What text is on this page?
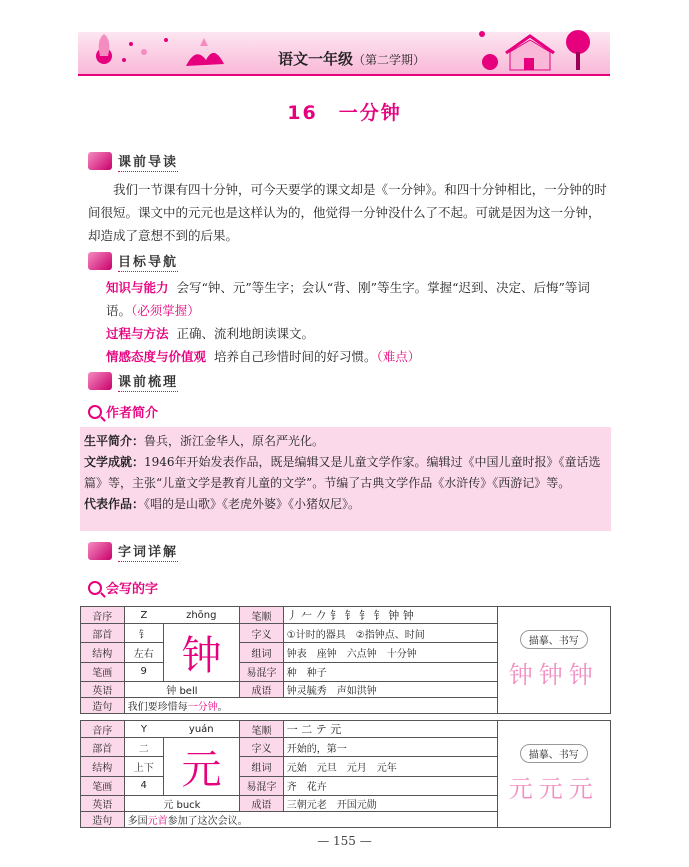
语文一年级（第二学期）
16　一分钟
课前导读
我们一节课有四十分钟，可今天要学的课文却是《一分钟》。和四十分钟相比，一分钟的时间很短。课文中的元元也是这样认为的，他觉得一分钟没什么了不起。可就是因为这一分钟，却造成了意想不到的后果。
目标导航
知识与能力 会写“钟、元”等生字；会认“背、刚”等生字。掌握“迟到、决定、后悔”等词语。（必须掌握）
过程与方法 正确、流利地朗读课文。
情感态度与价值观 培养自己珍惜时间的好习惯。（难点）
课前梳理
作者简介
生平简介：鲁兵，浙江金华人，原名严光化。
文学成就：1946年开始发表作品，既是编辑又是儿童文学作家。编辑过《中国儿童时报》《童话选篇》等，主张“儿童文学是教育儿童的文学”。节编了古典文学作品《水浒传》《西游记》等。
代表作品：《唱的是山歌》《老虎外婆》《小猪奴尼》。
字词详解
会写的字
音序	Z	zhōng	笔顺	丿 𠂉 𠂊 钅 钅 钅 钅 钟 钟	描摹、书写
钟钟钟
部首	钅	钟	字义	①计时的器具　②指钟点、时间	
结构	左右		组词	钟表　座钟　六点钟　十分钟	
笔画	9		易混字	种　种子	
英语	钟 bell		成语	钟灵毓秀　声如洪钟	
造句	我们要珍惜每一分钟。				
音序	Y	yuán	笔顺	一 二 テ 元	描摹、书写
元元元
部首	二	元	字义	开始的，第一	
结构	上下		组词	元始　元旦　元月　元年	
笔画	4		易混字	齐　花卉	
英语	元 buck		成语	三朝元老　开国元勋	
造句	多国元首参加了这次会议。				
— 155 —
